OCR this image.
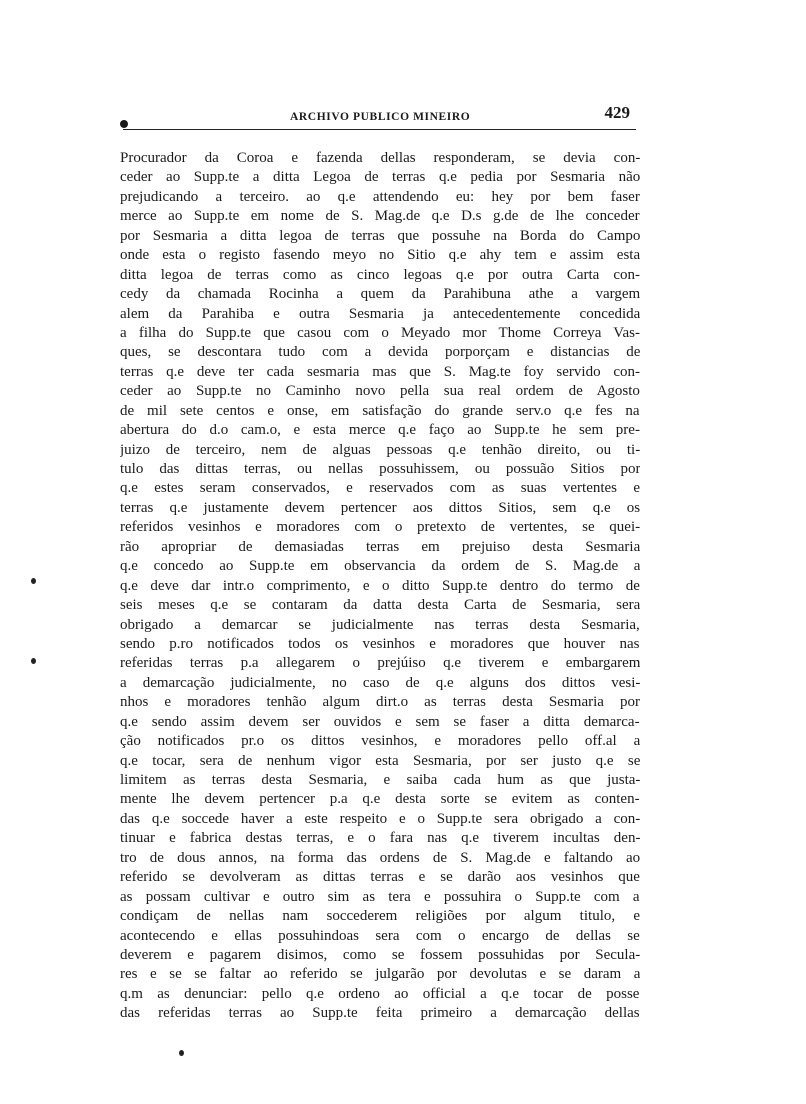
ARCHIVO PUBLICO MINEIRO	429
Procurador da Coroa e fazenda dellas responderam, se devia con-
ceder ao Supp.te a ditta Legoa de terras q.e pedia por Sesmaria não
prejudicando a terceiro. ao q.e attendendo eu: hey por bem faser
merce ao Supp.te em nome de S. Mag.de q.e D.s g.de de lhe conceder
por Sesmaria a ditta legoa de terras que possuhe na Borda do Campo
onde esta o registo fasendo meyo no Sitio q.e ahy tem e assim esta
ditta legoa de terras como as cinco legoas q.e por outra Carta con-
cedy da chamada Rocinha a quem da Parahibuna athe a vargem
alem da Parahiba e outra Sesmaria ja antecedentemente concedida
a filha do Supp.te que casou com o Meyado mor Thome Correya Vas-
ques, se descontara tudo com a devida porporçam e distancias de
terras q.e deve ter cada sesmaria mas que S. Mag.te foy servido con-
ceder ao Supp.te no Caminho novo pella sua real ordem de Agosto
de mil sete centos e onse, em satisfação do grande serv.o q.e fes na
abertura do d.o cam.o, e esta merce q.e faço ao Supp.te he sem pre-
juizo de terceiro, nem de alguas pessoas q.e tenhão direito, ou ti-
tulo das dittas terras, ou nellas possuhissem, ou possuão Sitios por
q.e estes seram conservados, e reservados com as suas vertentes e
terras q.e justamente devem pertencer aos dittos Sitios, sem q.e os
referidos vesinhos e moradores com o pretexto de vertentes, se quei-
rão apropriar de demasiadas terras em prejuiso desta Sesmaria
q.e concedo ao Supp.te em observancia da ordem de S. Mag.de a
q.e deve dar intr.o comprimento, e o ditto Supp.te dentro do termo de
seis meses q.e se contaram da datta desta Carta de Sesmaria, sera
obrigado a demarcar se judicialmente nas terras desta Sesmaria,
sendo p.ro notificados todos os vesinhos e moradores que houver nas
referidas terras p.a allegarem o prejúiso q.e tiverem e embargarem
a demarcação judicialmente, no caso de q.e alguns dos dittos vesi-
nhos e moradores tenhão algum dirt.o as terras desta Sesmaria por
q.e sendo assim devem ser ouvidos e sem se faser a ditta demarca-
ção notificados pr.o os dittos vesinhos, e moradores pello off.al a
q.e tocar, sera de nenhum vigor esta Sesmaria, por ser justo q.e se
limitem as terras desta Sesmaria, e saiba cada hum as que justa-
mente lhe devem pertencer p.a q.e desta sorte se evitem as conten-
das q.e soccede haver a este respeito e o Supp.te sera obrigado a con-
tinuar e fabrica destas terras, e o fara nas q.e tiverem incultas den-
tro de dous annos, na forma das ordens de S. Mag.de e faltando ao
referido se devolveram as dittas terras e se darão aos vesinhos que
as possam cultivar e outro sim as tera e possuhira o Supp.te com a
condiçam de nellas nam soccederem religiões por algum titulo, e
acontecendo e ellas possuhindoas sera com o encargo de dellas se
deverem e pagarem disimos, como se fossem possuhidas por Secula-
res e se se faltar ao referido se julgarão por devolutas e se daram a
q.m as denunciar: pello q.e ordeno ao official a q.e tocar de posse
das referidas terras ao Supp.te feita primeiro a demarcação dellas
